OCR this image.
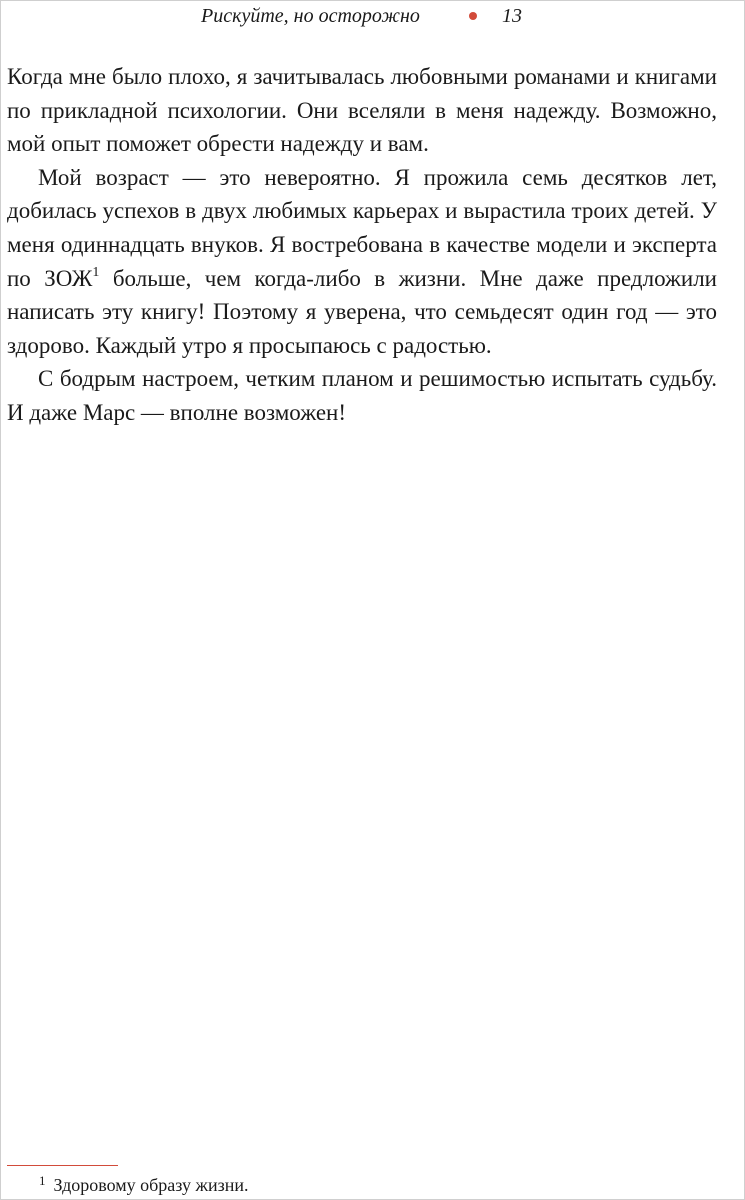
Рискуйте, но осторожно	13

Когда мне было плохо, я зачитывалась любовными романами и книгами по прикладной психологии. Они вселяли в меня надежду. Возможно, мой опыт поможет обрести надежду и вам.

Мой возраст — это невероятно. Я прожила семь десятков лет, добилась успехов в двух любимых карьерах и вырастила троих детей. У меня одиннадцать внуков. Я востребована в качестве модели и эксперта по ЗОЖ$^1$ больше, чем когда-либо в жизни. Мне даже предложили написать эту книгу! Поэтому я уверена, что семьдесят один год — это здорово. Каждый утро я просыпаюсь с радостью.

С бодрым настроем, четким планом и решимостью испытать судьбу. И даже Марс — вполне возможен!

$^1$ Здоровому образу жизни.
